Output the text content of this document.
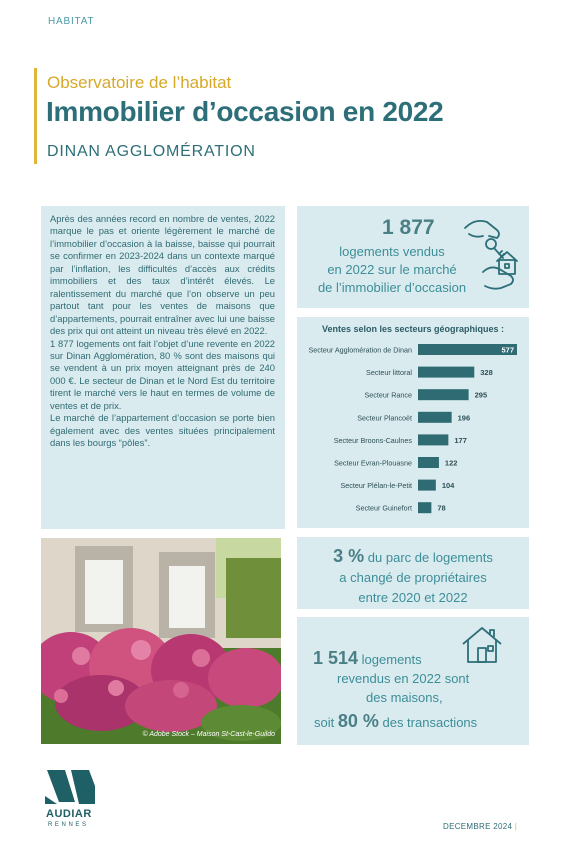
HABITAT
Observatoire de l’habitat
Immobilier d’occasion en 2022
DINAN AGGLOMÉRATION

Après des années record en nombre de ventes, 2022 marque le pas et oriente légèrement le marché de l’immobilier d’occasion à la baisse, baisse qui pourrait se confirmer en 2023-2024 dans un contexte marqué par l’inflation, les difficultés d’accès aux crédits immobiliers et des taux d’intérêt élevés. Le ralentissement du marché que l’on observe un peu partout tant pour les ventes de maisons que d’appartements, pourrait entraîner avec lui une baisse des prix qui ont atteint un niveau très élevé en 2022.

1 877 logements ont fait l’objet d’une revente en 2022 sur Dinan Agglomération, 80 % sont des maisons qui se vendent à un prix moyen atteignant près de 240 000 €. Le secteur de Dinan et le Nord Est du territoire tirent le marché vers le haut en termes de volume de ventes et de prix.

Le marché de l’appartement d’occasion se porte bien également avec des ventes situées principalement dans les bourgs “pôles”.

1 877
logements vendus
en 2022 sur le marché
de l’immobilier d’occasion
Ventes selon les secteurs géographiques :
Secteur Agglomération de Dinan	577
Secteur littoral	328
Secteur Rance	295
Secteur Plancoët	196
Secteur Broons-Caulnes	177
Secteur Evran-Plouasne	122
Secteur Plélan-le-Petit	104
Secteur Guinefort	78
© Adobe Stock – Maison St-Cast-le-Guildo
3 % du parc de logements
a changé de propriétaires
entre 2020 et 2022
1 514 logements
revendus en 2022 sont
des maisons,
soit 80 % des transactions
AUDIAR
RENNES	DECEMBRE 2024 |
